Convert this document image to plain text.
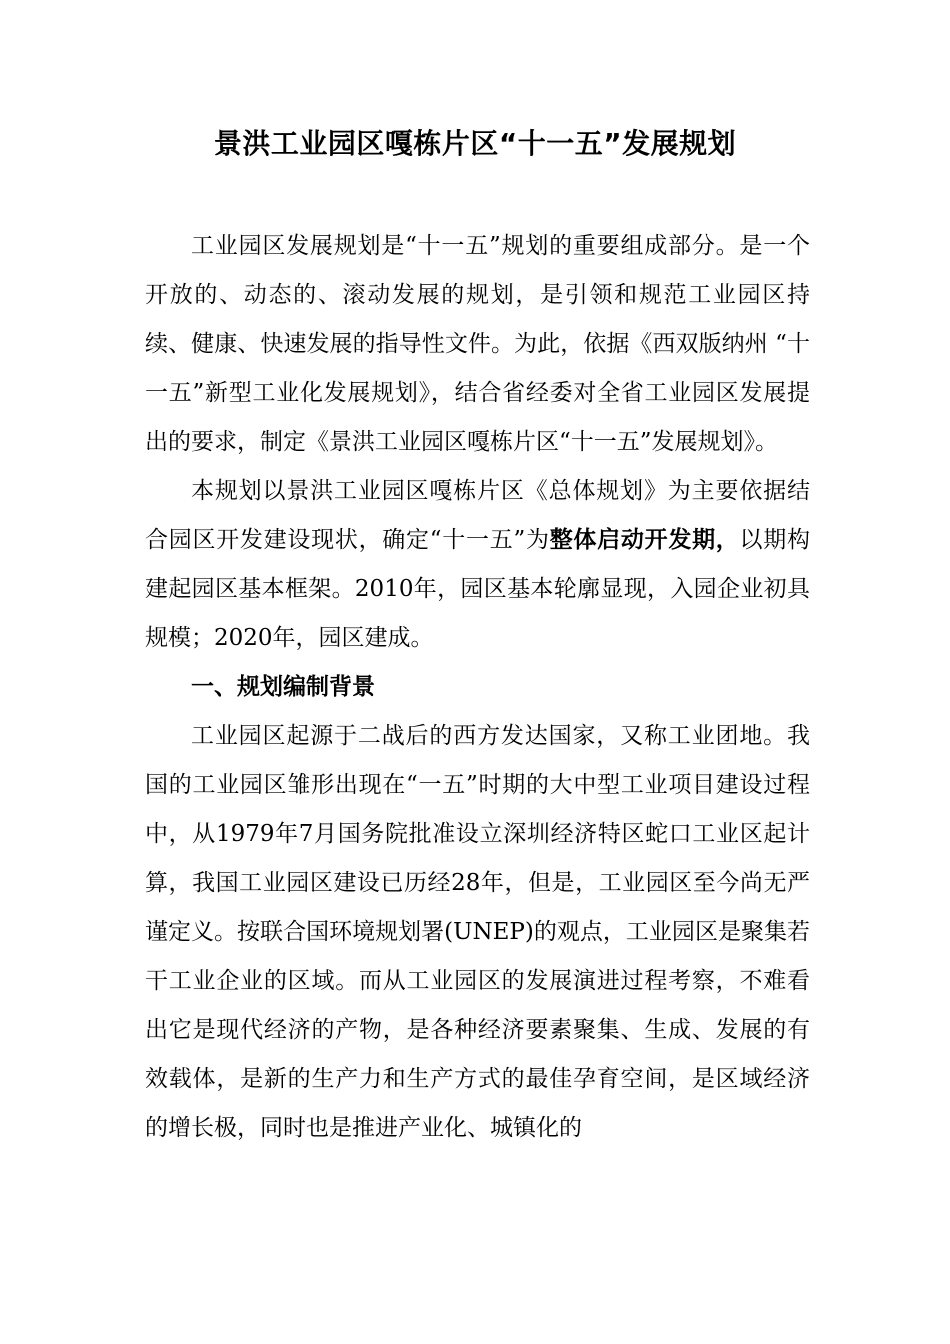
景洪工业园区嘎栋片区“十一五”发展规划

工业园区发展规划是“十一五”规划的重要组成部分。是一个开放的、动态的、滚动发展的规划，是引领和规范工业园区持续、健康、快速发展的指导性文件。为此，依据《西双版纳州 “十一五”新型工业化发展规划》，结合省经委对全省工业园区发展提出的要求，制定《景洪工业园区嘎栋片区“十一五”发展规划》。

本规划以景洪工业园区嘎栋片区《总体规划》为主要依据结合园区开发建设现状，确定“十一五”为整体启动开发期，以期构建起园区基本框架。2010年，园区基本轮廓显现，入园企业初具规模；2020年，园区建成。

一、规划编制背景

工业园区起源于二战后的西方发达国家，又称工业团地。我国的工业园区雏形出现在“一五”时期的大中型工业项目建设过程中，从1979年7月国务院批准设立深圳经济特区蛇口工业区起计算，我国工业园区建设已历经28年，但是，工业园区至今尚无严谨定义。按联合国环境规划署(UNEP)的观点，工业园区是聚集若干工业企业的区域。而从工业园区的发展演进过程考察，不难看出它是现代经济的产物，是各种经济要素聚集、生成、发展的有效载体，是新的生产力和生产方式的最佳孕育空间，是区域经济的增长极，同时也是推进产业化、城镇化的
